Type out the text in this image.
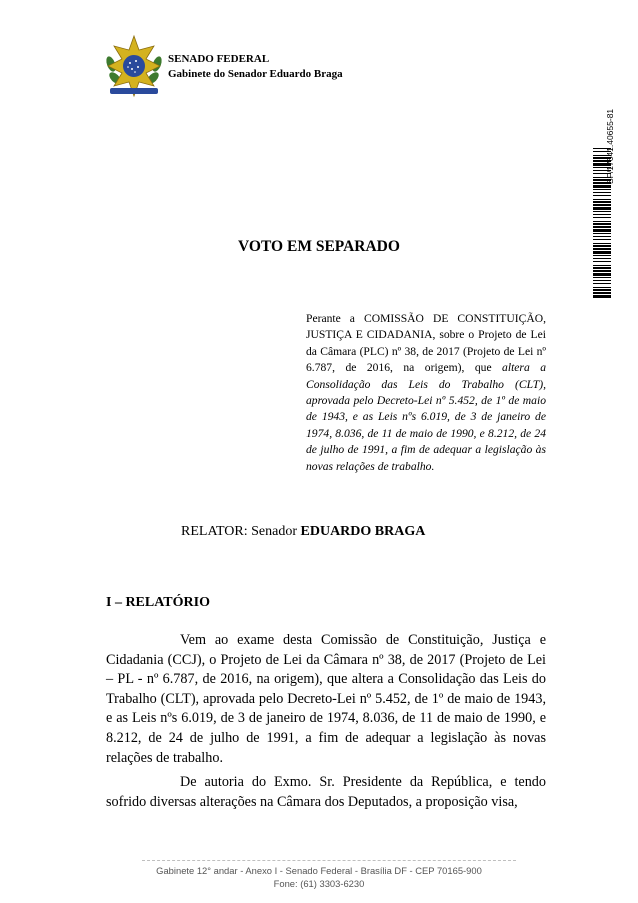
SENADO FEDERAL
Gabinete do Senador Eduardo Braga
SF/17641.40655-81
VOTO EM SEPARADO
Perante a COMISSÃO DE CONSTITUIÇÃO, JUSTIÇA E CIDADANIA, sobre o Projeto de Lei da Câmara (PLC) nº 38, de 2017 (Projeto de Lei nº 6.787, de 2016, na origem), que altera a Consolidação das Leis do Trabalho (CLT), aprovada pelo Decreto-Lei nº 5.452, de 1º de maio de 1943, e as Leis nºs 6.019, de 3 de janeiro de 1974, 8.036, de 11 de maio de 1990, e 8.212, de 24 de julho de 1991, a fim de adequar a legislação às novas relações de trabalho.
RELATOR: Senador EDUARDO BRAGA
I – RELATÓRIO
Vem ao exame desta Comissão de Constituição, Justiça e Cidadania (CCJ), o Projeto de Lei da Câmara nº 38, de 2017 (Projeto de Lei – PL - nº 6.787, de 2016, na origem), que altera a Consolidação das Leis do Trabalho (CLT), aprovada pelo Decreto-Lei nº 5.452, de 1º de maio de 1943, e as Leis nºs 6.019, de 3 de janeiro de 1974, 8.036, de 11 de maio de 1990, e 8.212, de 24 de julho de 1991, a fim de adequar a legislação às novas relações de trabalho.
De autoria do Exmo. Sr. Presidente da República, e tendo sofrido diversas alterações na Câmara dos Deputados, a proposição visa,
Gabinete 12° andar - Anexo I - Senado Federal - Brasília DF - CEP 70165-900
Fone: (61) 3303-6230
